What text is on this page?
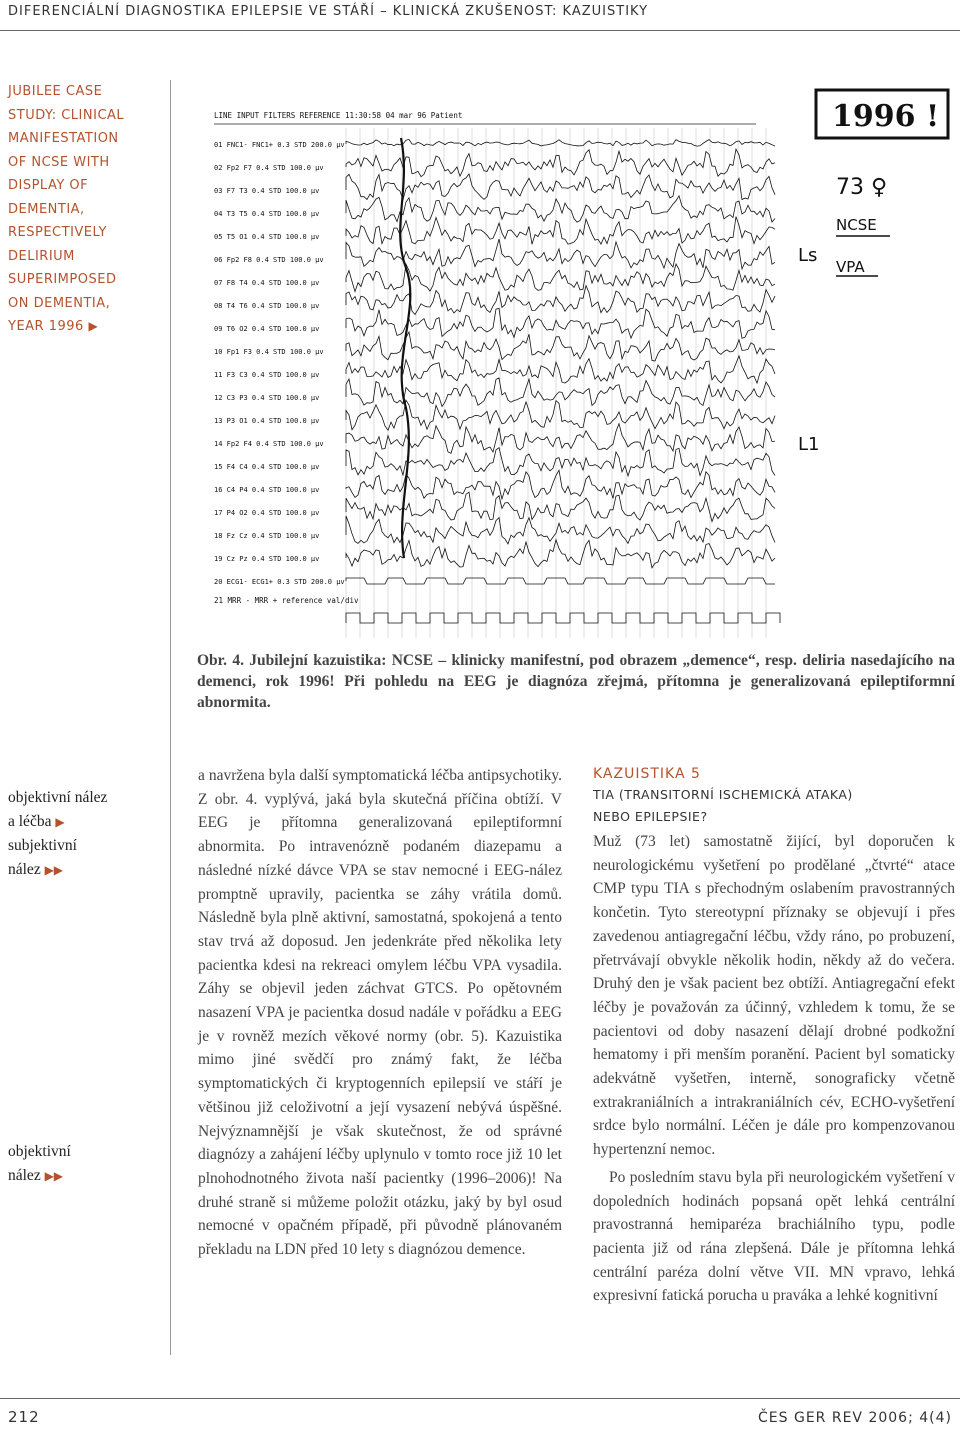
DIFERENCIÁLNÍ DIAGNOSTIKA EPILEPSIE VE STÁŘÍ – KLINICKÁ ZKUŠENOST: KAZUISTIKY
JUBILEE CASE
STUDY: CLINICAL
MANIFESTATION
OF NCSE WITH
DISPLAY OF
DEMENTIA,
RESPECTIVELY
DELIRIUM
SUPERIMPOSED
ON DEMENTIA,
YEAR 1996 ▶
LINE INPUT FILTERS REFERENCE 11:30:58 04 mar 96 Patient
01 FNC1- FNC1+ 0.3 STD 200.0 µv
02 Fp2 F7 0.4 STD 100.0 µv
03 F7 T3 0.4 STD 100.0 µv
04 T3 T5 0.4 STD 100.0 µv
05 T5 O1 0.4 STD 100.0 µv
06 Fp2 F8 0.4 STD 100.0 µv
07 F8 T4 0.4 STD 100.0 µv
08 T4 T6 0.4 STD 100.0 µv
09 T6 O2 0.4 STD 100.0 µv
10 Fp1 F3 0.4 STD 100.0 µv
11 F3 C3 0.4 STD 100.0 µv
12 C3 P3 0.4 STD 100.0 µv
13 P3 O1 0.4 STD 100.0 µv
14 Fp2 F4 0.4 STD 100.0 µv
15 F4 C4 0.4 STD 100.0 µv
16 C4 P4 0.4 STD 100.0 µv
17 P4 O2 0.4 STD 100.0 µv
18 Fz Cz 0.4 STD 100.0 µv
19 Cz Pz 0.4 STD 100.0 µv
20 ECG1- ECG1+ 0.3 STD 200.0 µv
1996 !
73 ♀
NCSE
VPA
Ls
L1
21 MRR - MRR + reference val/div
Obr. 4. Jubilejní kazuistika: NCSE – klinicky manifestní, pod obrazem „demence“, resp. deliria nasedajícího na demenci, rok 1996! Při pohledu na EEG je diagnóza zřejmá, přítomna je generalizovaná epileptiformní abnormita.
objektivní nález
a léčba ▶
subjektivní
nález ▶▶
objektivní
nález ▶▶

a navržena byla další symptomatická léčba antipsychotiky. Z obr. 4. vyplývá, jaká byla skutečná příčina obtíží. V EEG je přítomna generalizovaná epileptiformní abnormita. Po intravenózně podaném diazepamu a následné nízké dávce VPA se stav nemocné i EEG-nález promptně upravily, pacientka se záhy vrátila domů. Následně byla plně aktivní, samostatná, spokojená a tento stav trvá až doposud. Jen jedenkráte před několika lety pacientka kdesi na rekreaci omylem léčbu VPA vysadila. Záhy se objevil jeden záchvat GTCS. Po opětovném nasazení VPA je pacientka dosud nadále v pořádku a EEG je v rovněž mezích věkové normy (obr. 5). Kazuistika mimo jiné svědčí pro známý fakt, že léčba symptomatických či kryptogenních epilepsií ve stáří je většinou již celoživotní a její vysazení nebývá úspěšné. Nejvýznamnější je však skutečnost, že od správné diagnózy a zahájení léčby uplynulo v tomto roce již 10 let plnohodnotného života naší pacientky (1996–2006)! Na druhé straně si můžeme položit otázku, jaký by byl osud nemocné v opačném případě, při původně plánovaném překladu na LDN před 10 lety s diagnózou demence.

KAZUISTIKA 5
TIA (TRANSITORNÍ ISCHEMICKÁ ATAKA)
NEBO EPILEPSIE?

Muž (73 let) samostatně žijící, byl doporučen k neurologickému vyšetření po prodělané „čtvrté“ atace CMP typu TIA s přechodným oslabením pravostranných končetin. Tyto stereotypní příznaky se objevují i přes zavedenou antiagregační léčbu, vždy ráno, po probuzení, přetrvávají obvykle několik hodin, někdy až do večera. Druhý den je však pacient bez obtíží. Antiagregační efekt léčby je považován za účinný, vzhledem k tomu, že se pacientovi od doby nasazení dělají drobné podkožní hematomy i při menším poranění. Pacient byl somaticky adekvátně vyšetřen, interně, sonograficky včetně extrakraniálních a intrakraniálních cév, ECHO-vyšetření srdce bylo normální. Léčen je dále pro kompenzovanou hypertenzní nemoc.

Po posledním stavu byla při neurologickém vyšetření v dopoledních hodinách popsaná opět lehká centrální pravostranná hemiparéza brachiálního typu, podle pacienta již od rána zlepšená. Dále je přítomna lehká centrální paréza dolní větve VII. MN vpravo, lehká expresivní fatická porucha u praváka a lehké kognitivní

212	ČES GER REV 2006; 4(4)
